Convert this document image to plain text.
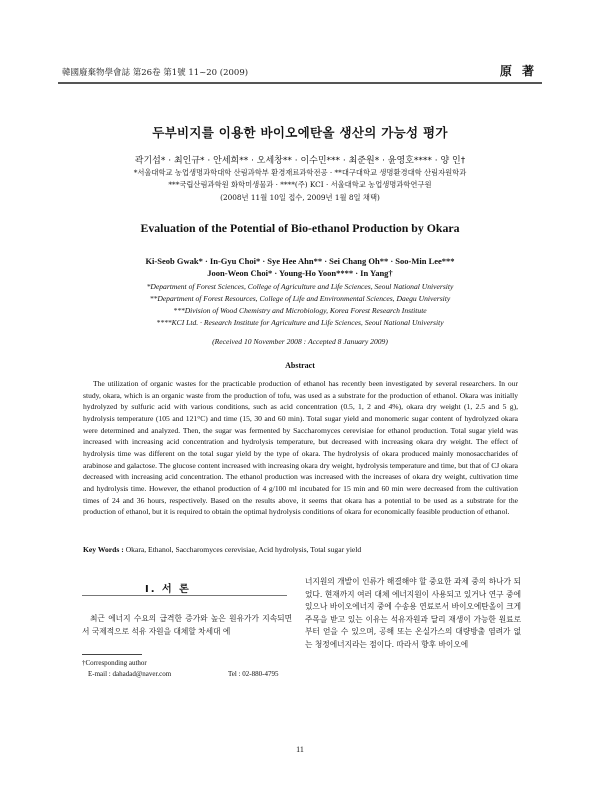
韓國廢棄物學會誌 第26卷 第1號 11~20 (2009)	原 著
두부비지를 이용한 바이오에탄올 생산의 가능성 평가
곽기섭* · 최인규* · 안세희** · 오세창** · 이수민*** · 최준원* · 윤영호**** · 양 인†
*서울대학교 농업생명과학대학 산림과학부 환경재료과학전공 · **대구대학교 생명환경대학 산림자원학과
***국립산림과학원 화학미생물과 · ****(주) KCI · 서울대학교 농업생명과학연구원
(2008년 11월 10일 접수, 2009년 1월 8일 채택)
Evaluation of the Potential of Bio-ethanol Production by Okara
Ki-Seob Gwak* · In-Gyu Choi* · Sye Hee Ahn** · Sei Chang Oh** · Soo-Min Lee***
Joon-Weon Choi* · Young-Ho Yoon**** · In Yang†
*Department of Forest Sciences, College of Agriculture and Life Sciences, Seoul National University
**Department of Forest Resources, College of Life and Environmental Sciences, Daegu University
***Division of Wood Chemistry and Microbiology, Korea Forest Research Institute
****KCI Ltd. · Research Institute for Agriculture and Life Sciences, Seoul National University
(Received 10 November 2008 : Accepted 8 January 2009)
Abstract
The utilization of organic wastes for the practicable production of ethanol has recently been investigated by several researchers. In our study, okara, which is an organic waste from the production of tofu, was used as a substrate for the production of ethanol. Okara was initially hydrolyzed by sulfuric acid with various conditions, such as acid concentration (0.5, 1, 2 and 4%), okara dry weight (1, 2.5 and 5 g), hydrolysis temperature (105 and 121°C) and time (15, 30 and 60 min). Total sugar yield and monomeric sugar content of hydrolyzed okara were determined and analyzed. Then, the sugar was fermented by Saccharomyces cerevisiae for ethanol production. Total sugar yield was increased with increasing acid concentration and hydrolysis temperature, but decreased with increasing okara dry weight. The effect of hydrolysis time was different on the total sugar yield by the type of okara. The hydrolysis of okara produced mainly monosaccharides of arabinose and galactose. The glucose content increased with increasing okara dry weight, hydrolysis temperature and time, but that of CJ okara decreased with increasing acid concentration. The ethanol production was increased with the increases of okara dry weight, cultivation time and hydrolysis time. However, the ethanol production of 4 g/100 ml incubated for 15 min and 60 min were decreased from the cultivation times of 24 and 36 hours, respectively. Based on the results above, it seems that okara has a potential to be used as a substrate for the production of ethanol, but it is required to obtain the optimal hydrolysis conditions of okara for economically feasible production of ethanol.
Key Words : Okara, Ethanol, Saccharomyces cerevisiae, Acid hydrolysis, Total sugar yield
I. 서 론
최근 에너지 수요의 급격한 증가와 높은 원유가가 지속되면서 국제적으로 석유 자원을 대체할 차세대 에
너지원의 개발이 인류가 해결해야 할 중요한 과제 중의 하나가 되었다. 현재까지 여러 대체 에너지원이 사용되고 있거나 연구 중에 있으나 바이오에너지 중에 수송용 연료로서 바이오에탄올이 크게 주목을 받고 있는 이유는 석유자원과 달리 재생이 가능한 원료로부터 얻을 수 있으며, 공해 또는 온실가스의 대량방출 염려가 없는 청정에너지라는 점이다. 따라서 향후 바이오에
†Corresponding author
E-mail : dahadad@naver.com	Tel : 02-880-4795
11
